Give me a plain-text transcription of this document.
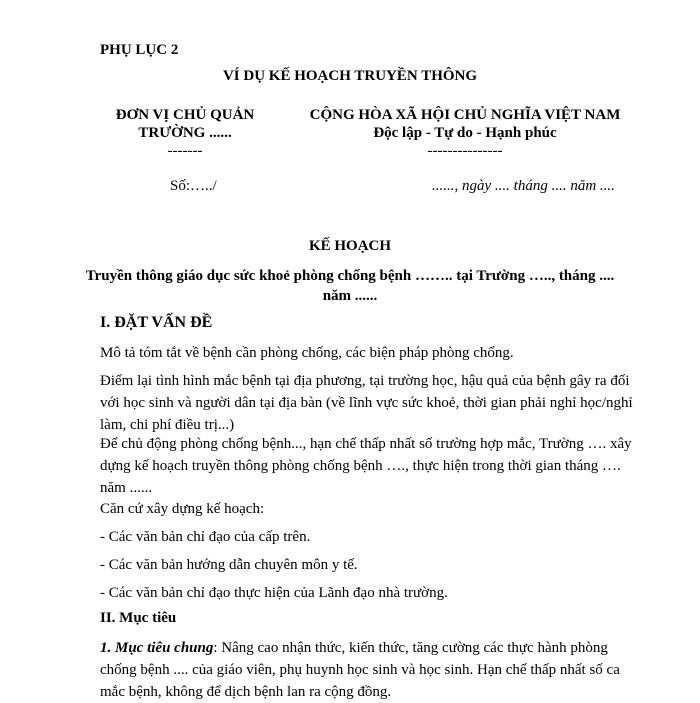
PHỤ LỤC 2
VÍ DỤ KẾ HOẠCH TRUYỀN THÔNG
ĐƠN VỊ CHỦ QUẢN
TRƯỜNG ......
-------
CỘNG HÒA XÃ HỘI CHỦ NGHĨA VIỆT NAM
Độc lập - Tự do - Hạnh phúc
---------------
Số:…../	......, ngày .... tháng .... năm ....
KẾ HOẠCH
Truyền thông giáo dục sức khoẻ phòng chống bệnh …….. tại Trường ….., tháng ....
năm ......
I. ĐẶT VẤN ĐỀ
Mô tả tóm tắt về bệnh cần phòng chống, các biện pháp phòng chống.
Điểm lại tình hình mắc bệnh tại địa phương, tại trường học, hậu quả của bệnh gây ra đối với học sinh và người dân tại địa bàn (về lĩnh vực sức khoẻ, thời gian phải nghỉ học/nghỉ làm, chi phí điều trị...)
Để chủ động phòng chống bệnh..., hạn chế thấp nhất số trường hợp mắc, Trường …. xây dựng kế hoạch truyền thông phòng chống bệnh …., thực hiện trong thời gian tháng …. năm ......
Căn cứ xây dựng kế hoạch:
- Các văn bản chỉ đạo của cấp trên.
- Các văn bản hướng dẫn chuyên môn y tế.
- Các văn bản chỉ đạo thực hiện của Lãnh đạo nhà trường.
II. Mục tiêu
1. Mục tiêu chung: Nâng cao nhận thức, kiến thức, tăng cường các thực hành phòng chống bệnh .... của giáo viên, phụ huynh học sinh và học sinh. Hạn chế thấp nhất số ca mắc bệnh, không để dịch bệnh lan ra cộng đồng.
